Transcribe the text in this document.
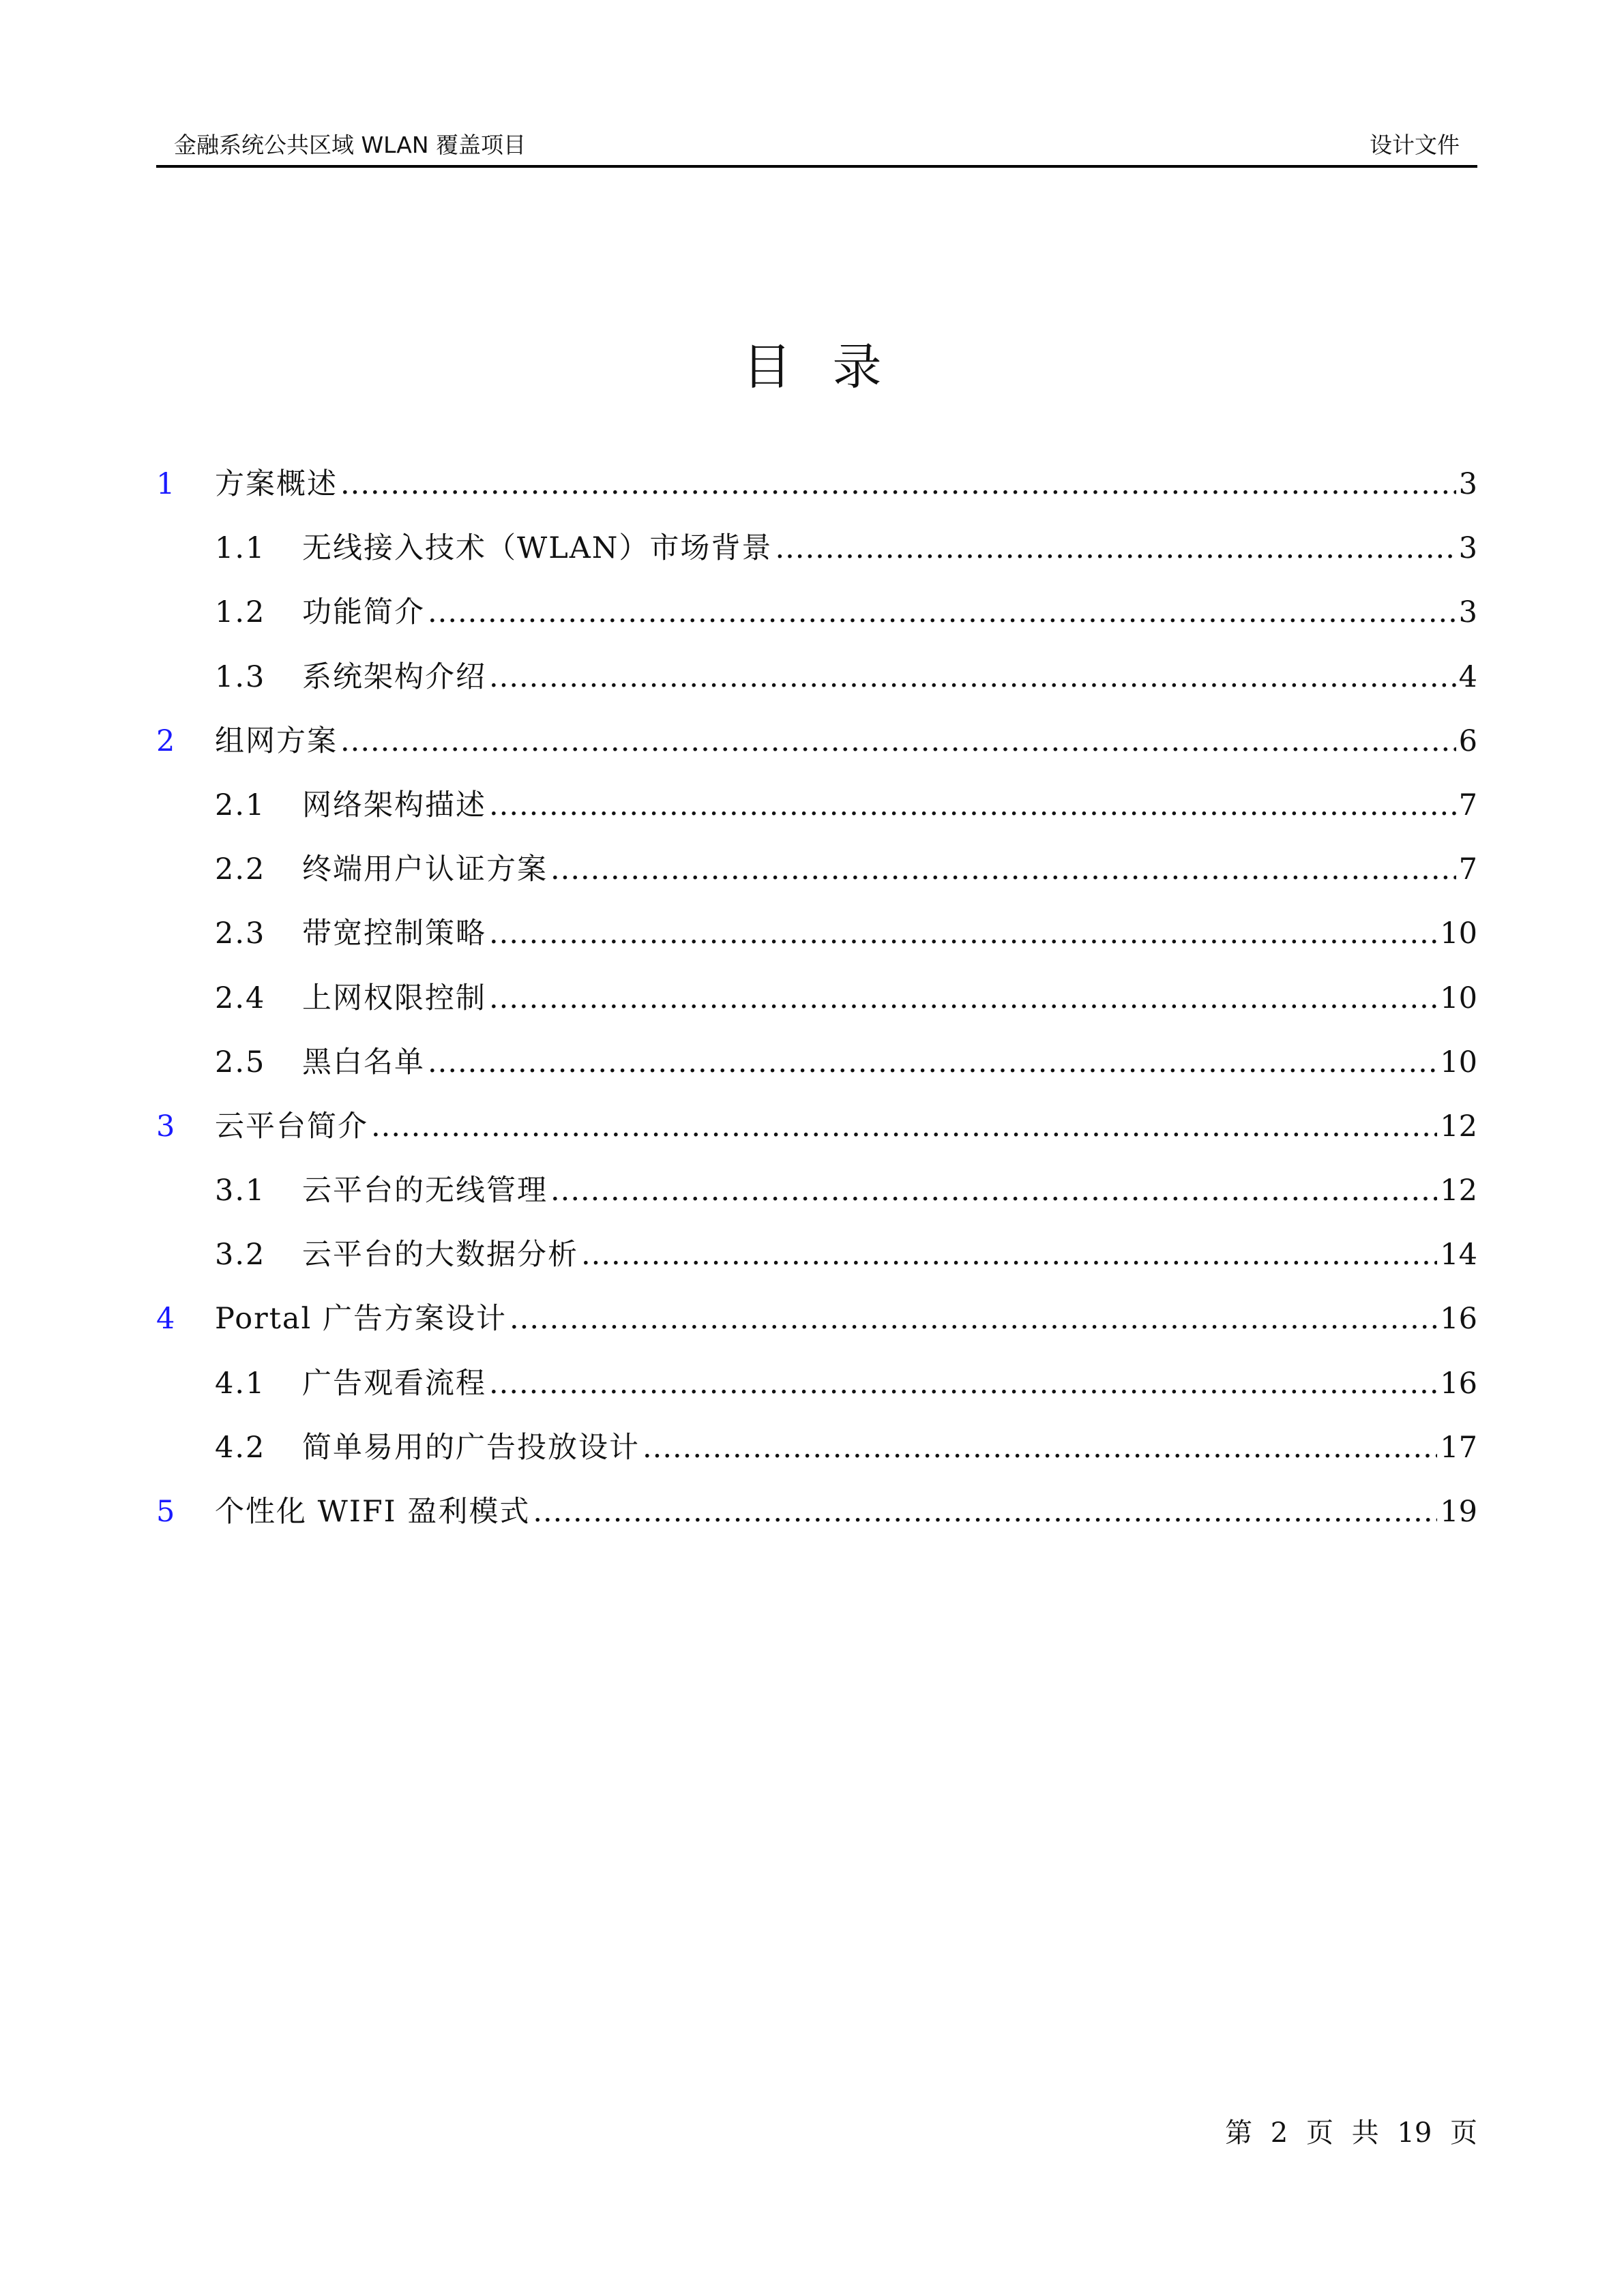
金融系统公共区域 WLAN 覆盖项目	设计文件
目录
1	方案概述 .....	3
1.1	无线接入技术（WLAN）市场背景 .....	3
1.2	功能简介 .....	3
1.3	系统架构介绍 .....	4
2	组网方案 .....	6
2.1	网络架构描述 .....	7
2.2	终端用户认证方案 .....	7
2.3	带宽控制策略 .....	10
2.4	上网权限控制 .....	10
2.5	黑白名单 .....	10
3	云平台简介 .....	12
3.1	云平台的无线管理 .....	12
3.2	云平台的大数据分析 .....	14
4	Portal 广告方案设计 .....	16
4.1	广告观看流程 .....	16
4.2	简单易用的广告投放设计 .....	17
5	个性化 WIFI 盈利模式 .....	19
第 2 页 共 19 页
